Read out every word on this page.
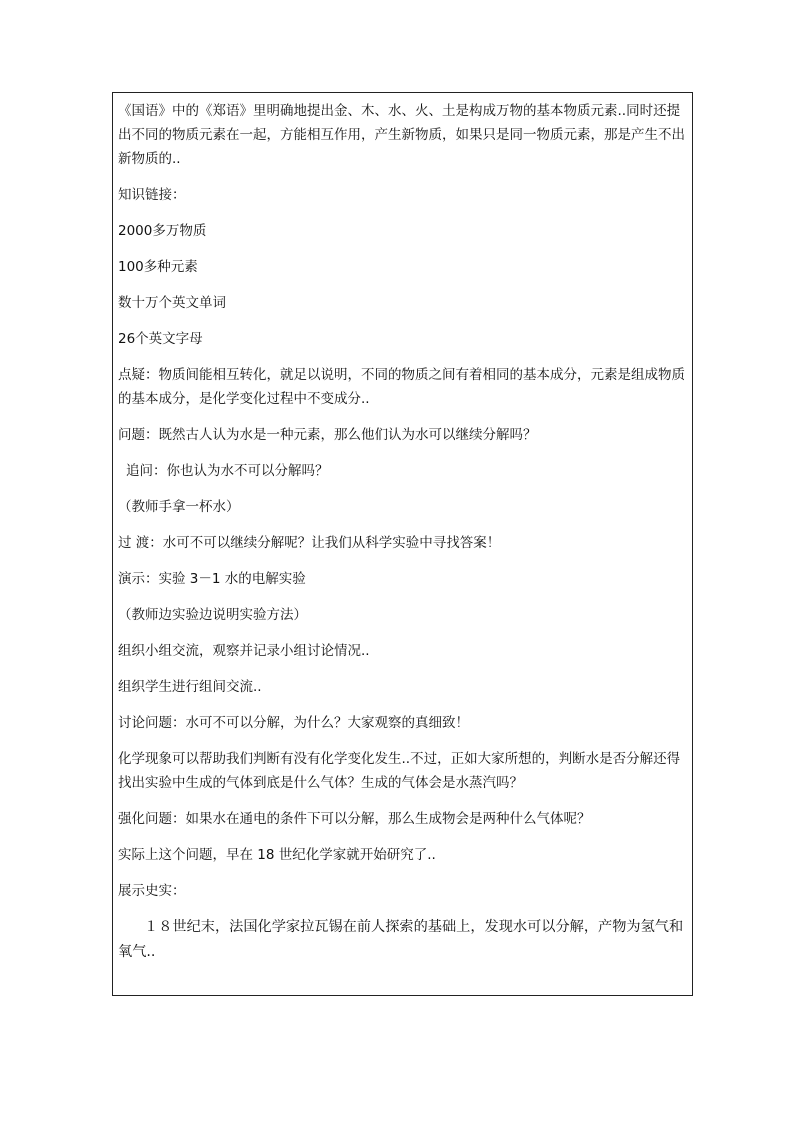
《国语》中的《郑语》里明确地提出金、木、水、火、土是构成万物的基本物质元素..同时还提出不同的物质元素在一起，方能相互作用，产生新物质，如果只是同一物质元素，那是产生不出新物质的..

知识链接：

2000多万物质

100多种元素

数十万个英文单词

26个英文字母

点疑：物质间能相互转化，就足以说明，不同的物质之间有着相同的基本成分，元素是组成物质的基本成分，是化学变化过程中不变成分..

问题：既然古人认为水是一种元素，那么他们认为水可以继续分解吗？

追问：你也认为水不可以分解吗？

（教师手拿一杯水）

过 渡：水可不可以继续分解呢？让我们从科学实验中寻找答案！

演示：实验 3－1 水的电解实验

（教师边实验边说明实验方法）

组织小组交流，观察并记录小组讨论情况..

组织学生进行组间交流..

讨论问题：水可不可以分解，为什么？大家观察的真细致！

化学现象可以帮助我们判断有没有化学变化发生..不过，正如大家所想的，判断水是否分解还得找出实验中生成的气体到底是什么气体？生成的气体会是水蒸汽吗？

强化问题：如果水在通电的条件下可以分解，那么生成物会是两种什么气体呢？

实际上这个问题，早在 18 世纪化学家就开始研究了..

展示史实：

１８世纪末，法国化学家拉瓦锡在前人探索的基础上，发现水可以分解，产物为氢气和氧气..
